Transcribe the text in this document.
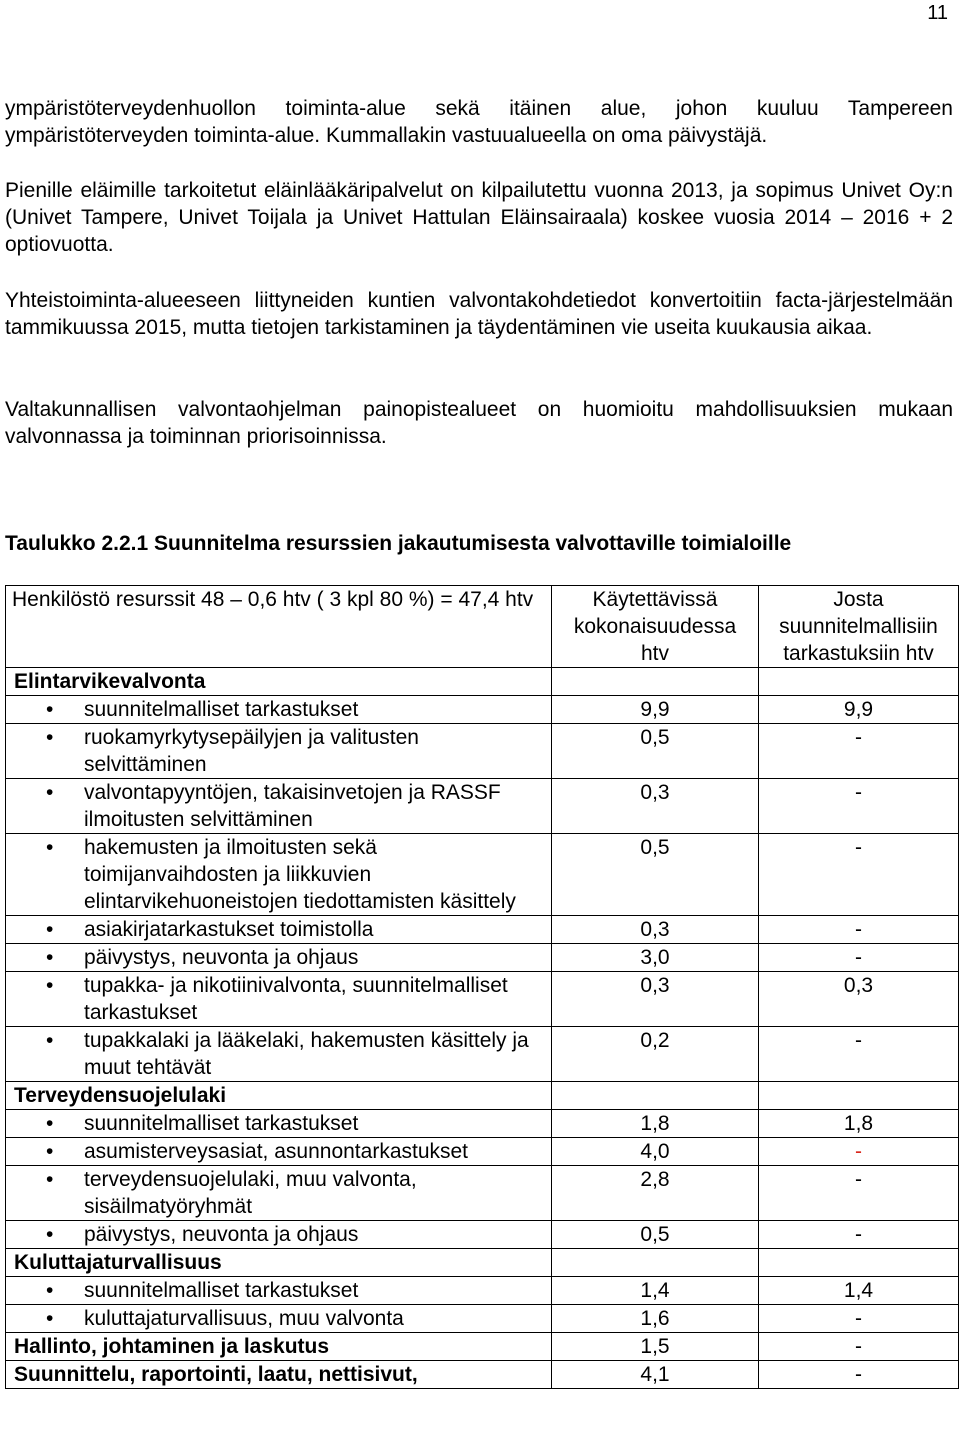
11

ympäristöterveydenhuollon toiminta-alue sekä itäinen alue, johon kuuluu Tampereen ympäristöterveyden toiminta-alue. Kummallakin vastuualueella on oma päivystäjä.

Pienille eläimille tarkoitetut eläinlääkäripalvelut on kilpailutettu vuonna 2013, ja sopimus Univet Oy:n (Univet Tampere, Univet Toijala ja Univet Hattulan Eläinsairaala) koskee vuosia 2014 – 2016 + 2 optiovuotta.

Yhteistoiminta-alueeseen liittyneiden kuntien valvontakohdetiedot konvertoitiin facta-järjestelmään tammikuussa 2015, mutta tietojen tarkistaminen ja täydentäminen vie useita kuukausia aikaa.

Valtakunnallisen valvontaohjelman painopistealueet on huomioitu mahdollisuuksien mukaan valvonnassa ja toiminnan priorisoinnissa.

Taulukko 2.2.1 Suunnitelma resurssien jakautumisesta valvottaville toimialoille
Henkilöstö resurssit 48 – 0,6 htv ( 3 kpl 80 %) = 47,4 htv	Käytettävissä kokonaisuudessa htv	Josta suunnitelmallisiin tarkastuksiin htv
Elintarvikevalvonta		

• suunnitelmalliset tarkastukset	9,9	9,9

• ruokamyrkytysepäilyjen ja valitusten selvittäminen	0,5	-

• valvontapyyntöjen, takaisinvetojen ja RASSF ilmoitusten selvittäminen	0,3	-

• hakemusten ja ilmoitusten sekä toimijanvaihdosten ja liikkuvien elintarvikehuoneistojen tiedottamisten käsittely	0,5	-

• asiakirjatarkastukset toimistolla	0,3	-

• päivystys, neuvonta ja ohjaus	3,0	-

• tupakka- ja nikotiinivalvonta, suunnitelmalliset tarkastukset	0,3	0,3

• tupakkalaki ja lääkelaki, hakemusten käsittely ja muut tehtävät	0,2	-
Terveydensuojelulaki		

• suunnitelmalliset tarkastukset	1,8	1,8

• asumisterveysasiat, asunnontarkastukset	4,0	-

• terveydensuojelulaki, muu valvonta, sisäilmatyöryhmät	2,8	-

• päivystys, neuvonta ja ohjaus	0,5	-
Kuluttajaturvallisuus		

• suunnitelmalliset tarkastukset	1,4	1,4

• kuluttajaturvallisuus, muu valvonta	1,6	-
Hallinto, johtaminen ja laskutus	1,5	-
Suunnittelu, raportointi, laatu, nettisivut,	4,1	-
